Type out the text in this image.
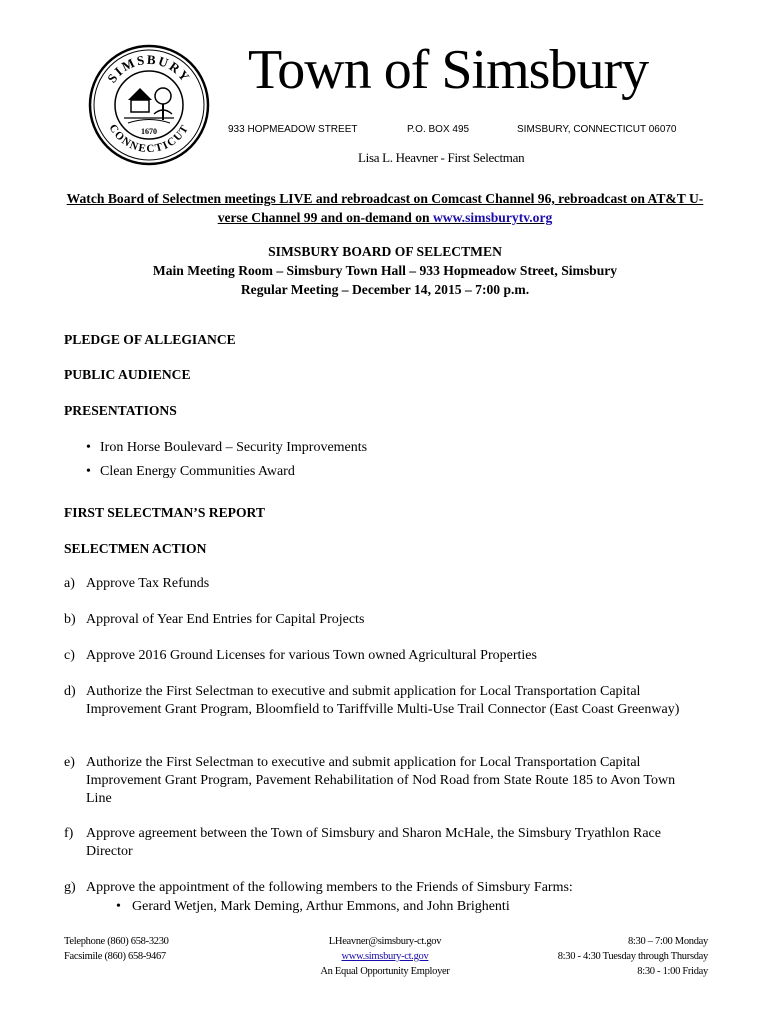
SIMSBURY
CONNECTICUT
1670
Town of Simsbury
933 HOPMEADOW STREET	P.O. BOX 495	SIMSBURY, CONNECTICUT 06070
Lisa L. Heavner - First Selectman
Watch Board of Selectmen meetings LIVE and rebroadcast on Comcast Channel 96, rebroadcast on AT&T U-verse Channel 99 and on-demand on www.simsburytv.org
SIMSBURY BOARD OF SELECTMEN
Main Meeting Room – Simsbury Town Hall – 933 Hopmeadow Street, Simsbury
Regular Meeting – December 14, 2015 – 7:00 p.m.
PLEDGE OF ALLEGIANCE
PUBLIC AUDIENCE
PRESENTATIONS
• Iron Horse Boulevard – Security Improvements
• Clean Energy Communities Award
FIRST SELECTMAN’S REPORT
SELECTMEN ACTION
a) Approve Tax Refunds
b) Approval of Year End Entries for Capital Projects
c) Approve 2016 Ground Licenses for various Town owned Agricultural Properties
d) Authorize the First Selectman to executive and submit application for Local Transportation Capital Improvement Grant Program, Bloomfield to Tariffville Multi-Use Trail Connector (East Coast Greenway)
e) Authorize the First Selectman to executive and submit application for Local Transportation Capital Improvement Grant Program, Pavement Rehabilitation of Nod Road from State Route 185 to Avon Town Line
f) Approve agreement between the Town of Simsbury and Sharon McHale, the Simsbury Tryathlon Race Director
g) Approve the appointment of the following members to the Friends of Simsbury Farms:
• Gerard Wetjen, Mark Deming, Arthur Emmons, and John Brighenti
Telephone (860) 658-3230
Facsimile (860) 658-9467
LHeavner@simsbury-ct.gov
www.simsbury-ct.gov
An Equal Opportunity Employer
8:30 – 7:00 Monday
8:30 - 4:30 Tuesday through Thursday
8:30 - 1:00 Friday
